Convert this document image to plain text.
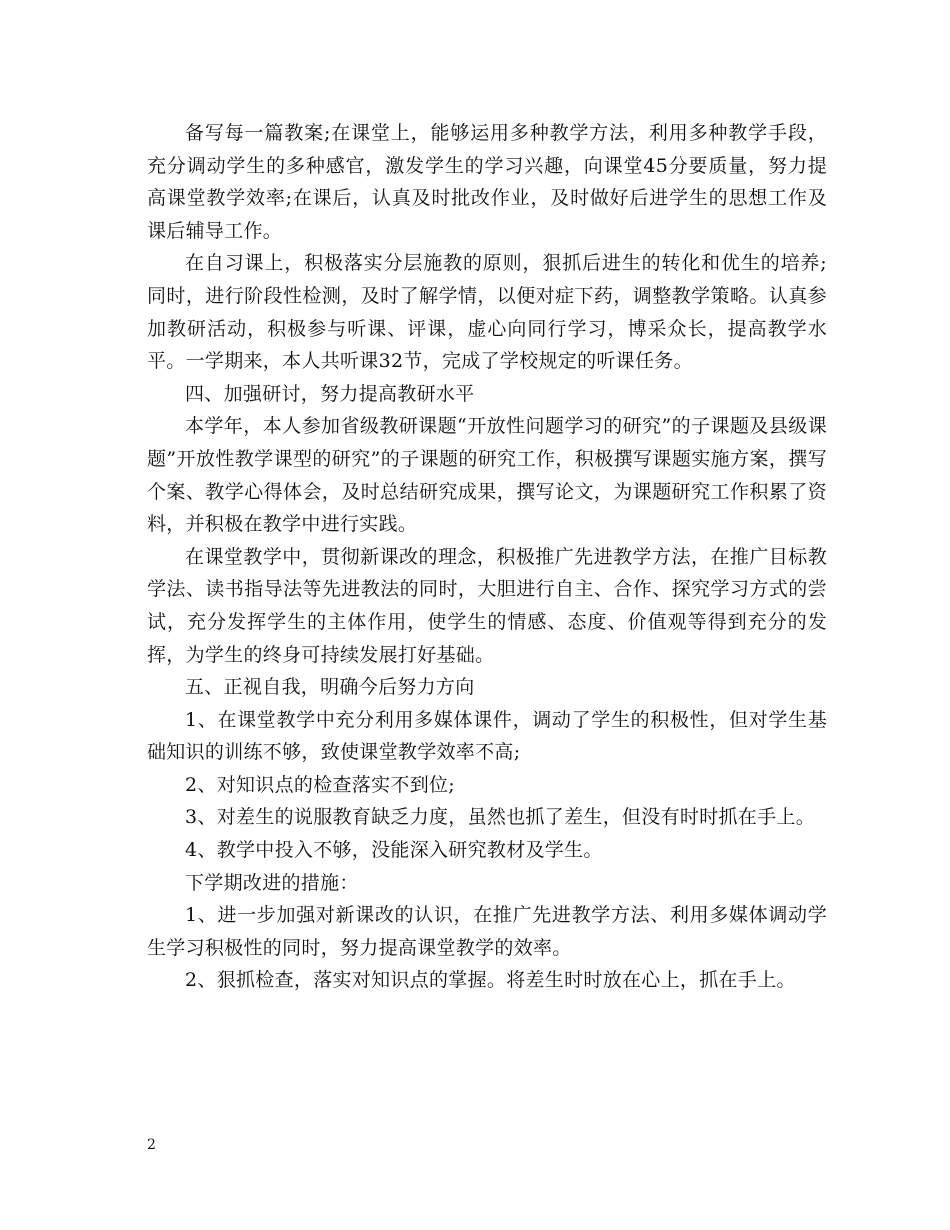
备写每一篇教案;在课堂上，能够运用多种教学方法，利用多种教学手段，充分调动学生的多种感官，激发学生的学习兴趣，向课堂45分要质量，努力提高课堂教学效率;在课后，认真及时批改作业，及时做好后进学生的思想工作及课后辅导工作。

在自习课上，积极落实分层施教的原则，狠抓后进生的转化和优生的培养;同时，进行阶段性检测，及时了解学情，以便对症下药，调整教学策略。认真参加教研活动，积极参与听课、评课，虚心向同行学习，博采众长，提高教学水平。一学期来，本人共听课32节，完成了学校规定的听课任务。

四、加强研讨，努力提高教研水平

本学年，本人参加省级教研课题“开放性问题学习的研究”的子课题及县级课题”开放性教学课型的研究”的子课题的研究工作，积极撰写课题实施方案，撰写个案、教学心得体会，及时总结研究成果，撰写论文，为课题研究工作积累了资料，并积极在教学中进行实践。

在课堂教学中，贯彻新课改的理念，积极推广先进教学方法，在推广目标教学法、读书指导法等先进教法的同时，大胆进行自主、合作、探究学习方式的尝试，充分发挥学生的主体作用，使学生的情感、态度、价值观等得到充分的发挥，为学生的终身可持续发展打好基础。

五、正视自我，明确今后努力方向

1、在课堂教学中充分利用多媒体课件，调动了学生的积极性，但对学生基础知识的训练不够，致使课堂教学效率不高;

2、对知识点的检查落实不到位;

3、对差生的说服教育缺乏力度，虽然也抓了差生，但没有时时抓在手上。

4、教学中投入不够，没能深入研究教材及学生。

下学期改进的措施：

1、进一步加强对新课改的认识，在推广先进教学方法、利用多媒体调动学生学习积极性的同时，努力提高课堂教学的效率。

2、狠抓检查，落实对知识点的掌握。将差生时时放在心上，抓在手上。

2
